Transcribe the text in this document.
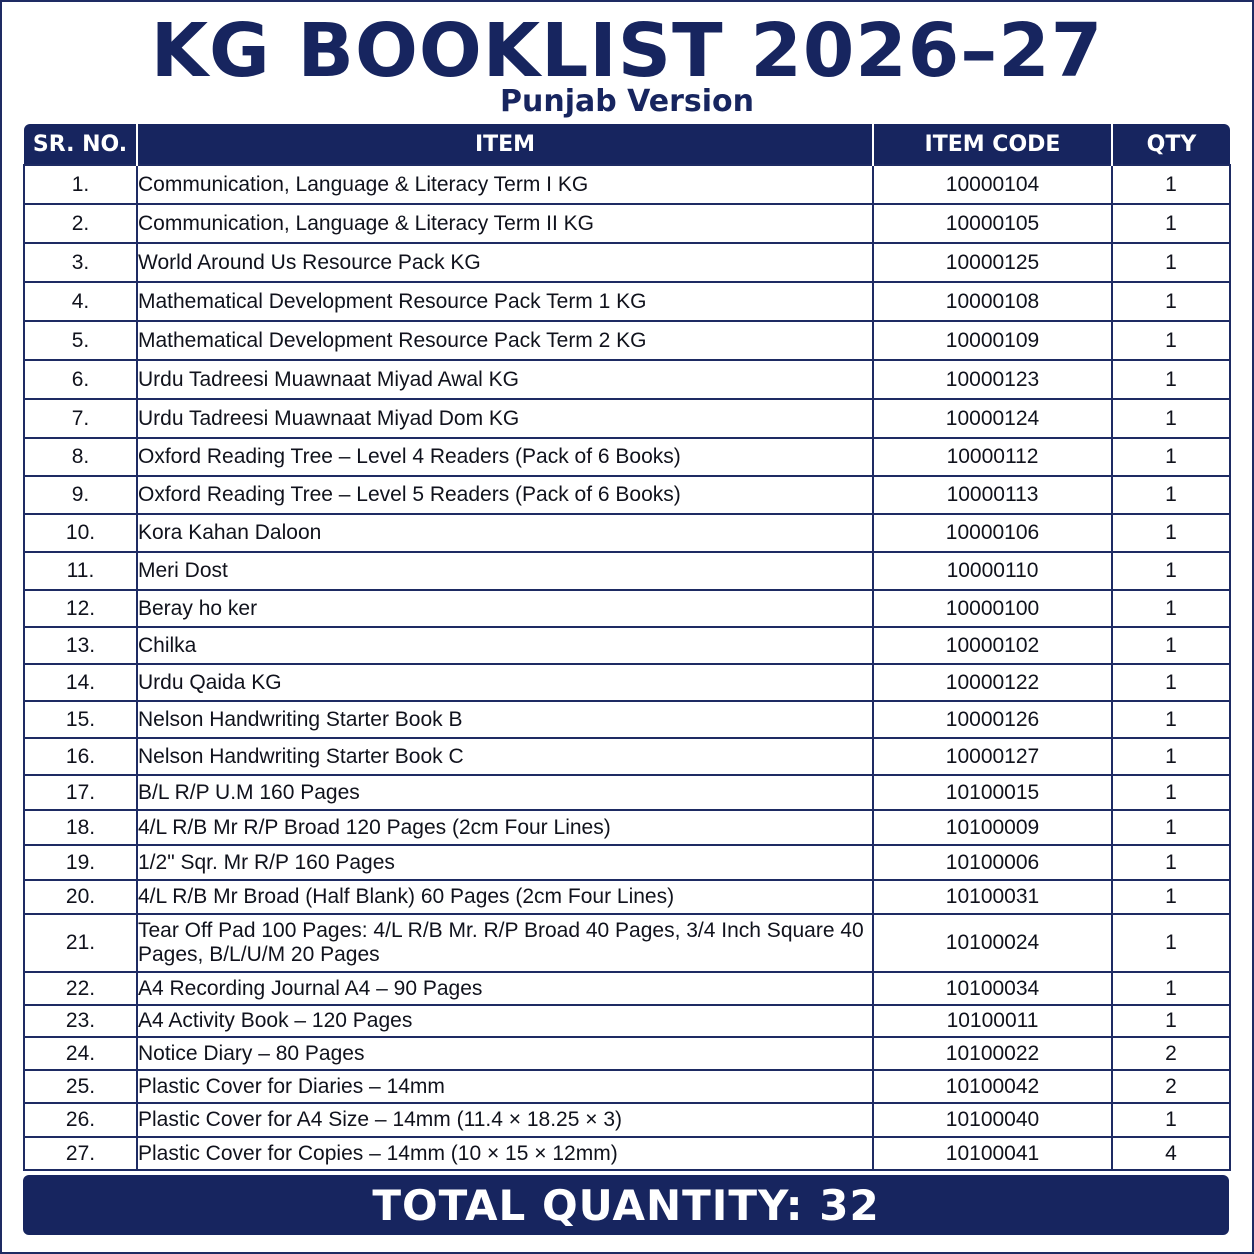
KG BOOKLIST 2026–27
Punjab Version
SR. NO.	ITEM	ITEM CODE	QTY
1.	Communication, Language & Literacy Term I KG	10000104	1
2.	Communication, Language & Literacy Term II KG	10000105	1
3.	World Around Us Resource Pack KG	10000125	1
4.	Mathematical Development Resource Pack Term 1 KG	10000108	1
5.	Mathematical Development Resource Pack Term 2 KG	10000109	1
6.	Urdu Tadreesi Muawnaat Miyad Awal KG	10000123	1
7.	Urdu Tadreesi Muawnaat Miyad Dom KG	10000124	1
8.	Oxford Reading Tree – Level 4 Readers (Pack of 6 Books)	10000112	1
9.	Oxford Reading Tree – Level 5 Readers (Pack of 6 Books)	10000113	1
10.	Kora Kahan Daloon	10000106	1
11.	Meri Dost	10000110	1
12.	Beray ho ker	10000100	1
13.	Chilka	10000102	1
14.	Urdu Qaida KG	10000122	1
15.	Nelson Handwriting Starter Book B	10000126	1
16.	Nelson Handwriting Starter Book C	10000127	1
17.	B/L R/P U.M 160 Pages	10100015	1
18.	4/L R/B Mr R/P Broad 120 Pages (2cm Four Lines)	10100009	1
19.	1/2" Sqr. Mr R/P 160 Pages	10100006	1
20.	4/L R/B Mr Broad (Half Blank) 60 Pages (2cm Four Lines)	10100031	1
21.	Tear Off Pad 100 Pages: 4/L R/B Mr. R/P Broad 40 Pages, 3/4 Inch Square 40 Pages, B/L/U/M 20 Pages	10100024	1
22.	A4 Recording Journal A4 – 90 Pages	10100034	1
23.	A4 Activity Book – 120 Pages	10100011	1
24.	Notice Diary – 80 Pages	10100022	2
25.	Plastic Cover for Diaries – 14mm	10100042	2
26.	Plastic Cover for A4 Size – 14mm (11.4 × 18.25 × 3)	10100040	1
27.	Plastic Cover for Copies – 14mm (10 × 15 × 12mm)	10100041	4
TOTAL QUANTITY: 32
